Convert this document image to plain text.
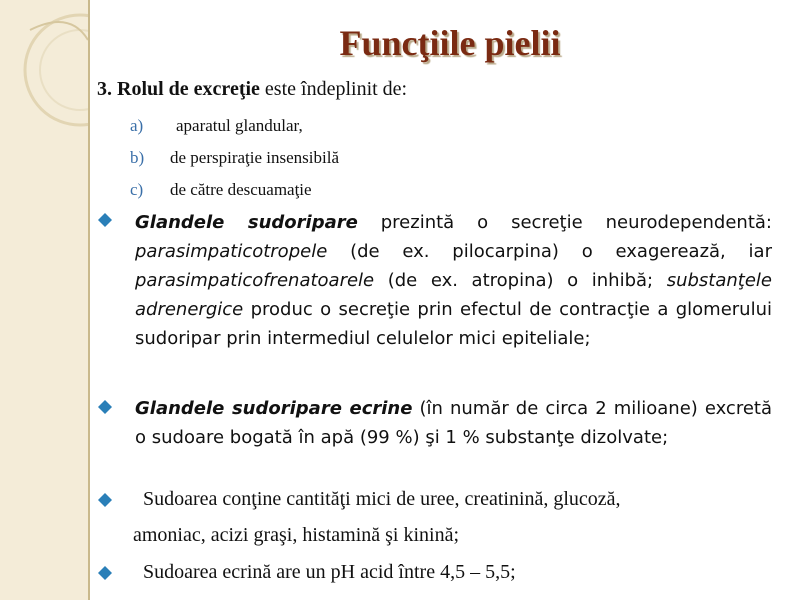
Funcţiile pielii
3. Rolul de excreţie este îndeplinit de:
a) aparatul glandular,
b) de perspiraţie insensibilă
c) de către descuamaţie
Glandele sudoripare prezintă o secreţie neurodependentă: parasimpaticotropele (de ex. pilocarpina) o exagerează, iar parasimpaticofrenatoarele (de ex. atropina) o inhibă; substanţele adrenergice produc o secreţie prin efectul de contracţie a glomerului sudoripar prin intermediul celulelor mici epiteliale;
Glandele sudoripare ecrine (în număr de circa 2 milioane) excretă o sudoare bogată în apă (99 %) şi 1 % substanţe dizolvate;
Sudoarea conţine cantităţi mici de uree, creatinină, glucoză,
amoniac, acizi graşi, histamină şi kinină;
Sudoarea ecrină are un pH acid între 4,5 – 5,5;
